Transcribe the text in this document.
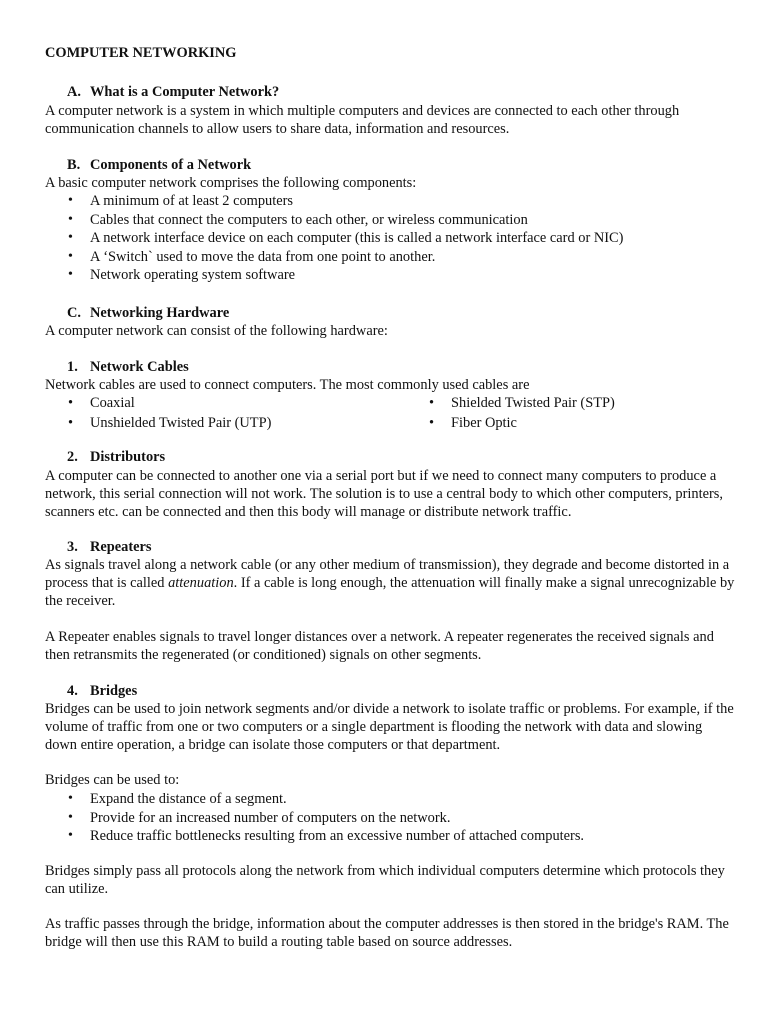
COMPUTER NETWORKING
A. What is a Computer Network?

A computer network is a system in which multiple computers and devices are connected to each other through communication channels to allow users to share data, information and resources.

B. Components of a Network

A basic computer network comprises the following components:

• A minimum of at least 2 computers
• Cables that connect the computers to each other, or wireless communication
• A network interface device on each computer (this is called a network interface card or NIC)
• A ‘Switch` used to move the data from one point to another.
• Network operating system software
C. Networking Hardware

A computer network can consist of the following hardware:

1. Network Cables

Network cables are used to connect computers. The most commonly used cables are

• Coaxial	• Shielded Twisted Pair (STP)• Unshielded Twisted Pair (UTP)	• Fiber Optic
2. Distributors

A computer can be connected to another one via a serial port but if we need to connect many computers to produce a network, this serial connection will not work. The solution is to use a central body to which other computers, printers, scanners etc. can be connected and then this body will manage or distribute network traffic.

3. Repeaters

As signals travel along a network cable (or any other medium of transmission), they degrade and become distorted in a process that is called attenuation. If a cable is long enough, the attenuation will finally make a signal unrecognizable by the receiver.

A Repeater enables signals to travel longer distances over a network. A repeater regenerates the received signals and then retransmits the regenerated (or conditioned) signals on other segments.

4. Bridges

Bridges can be used to join network segments and/or divide a network to isolate traffic or problems. For example, if the volume of traffic from one or two computers or a single department is flooding the network with data and slowing down entire operation, a bridge can isolate those computers or that department.

Bridges can be used to:

• Expand the distance of a segment.
• Provide for an increased number of computers on the network.
• Reduce traffic bottlenecks resulting from an excessive number of attached computers.

Bridges simply pass all protocols along the network from which individual computers determine which protocols they can utilize.

As traffic passes through the bridge, information about the computer addresses is then stored in the bridge's RAM. The bridge will then use this RAM to build a routing table based on source addresses.
